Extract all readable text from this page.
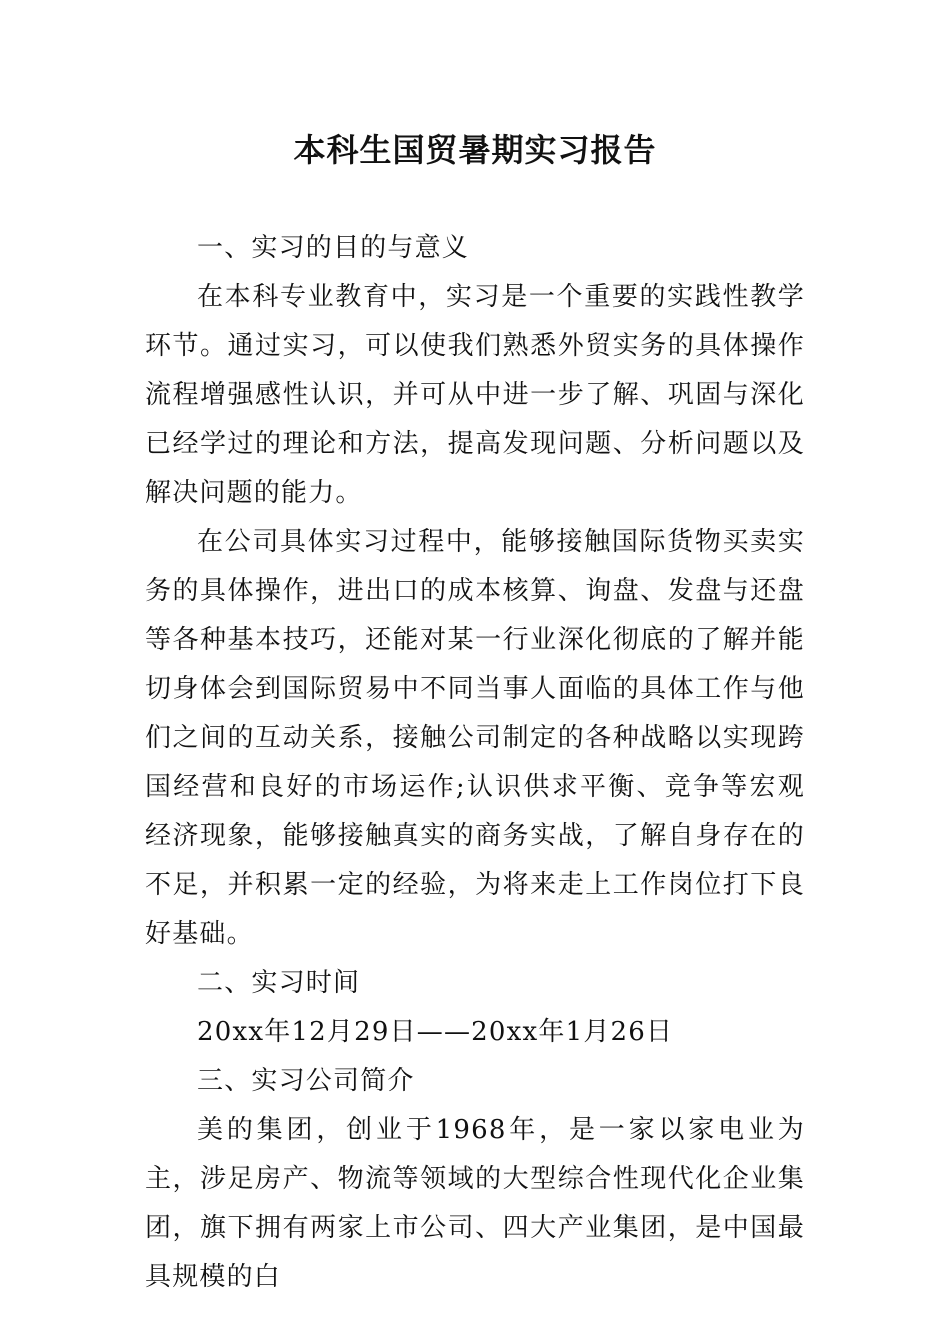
本科生国贸暑期实习报告

一、实习的目的与意义

在本科专业教育中，实习是一个重要的实践性教学环节。通过实习，可以使我们熟悉外贸实务的具体操作流程增强感性认识，并可从中进一步了解、巩固与深化已经学过的理论和方法，提高发现问题、分析问题以及解决问题的能力。

在公司具体实习过程中，能够接触国际货物买卖实务的具体操作，进出口的成本核算、询盘、发盘与还盘等各种基本技巧，还能对某一行业深化彻底的了解并能切身体会到国际贸易中不同当事人面临的具体工作与他们之间的互动关系，接触公司制定的各种战略以实现跨国经营和良好的市场运作;认识供求平衡、竞争等宏观经济现象，能够接触真实的商务实战，了解自身存在的不足，并积累一定的经验，为将来走上工作岗位打下良好基础。

二、实习时间

20xx年12月29日——20xx年1月26日

三、实习公司简介

美的集团，创业于1968年，是一家以家电业为主，涉足房产、物流等领域的大型综合性现代化企业集团，旗下拥有两家上市公司、四大产业集团，是中国最具规模的白
